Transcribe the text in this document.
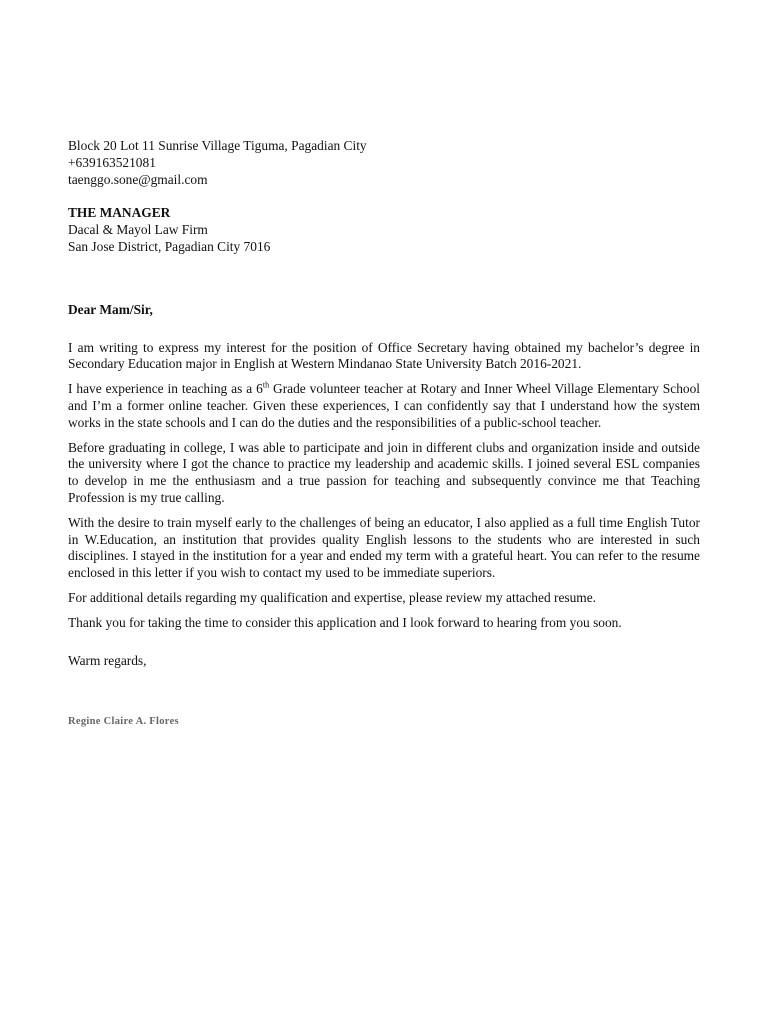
Block 20 Lot 11 Sunrise Village Tiguma, Pagadian City
+639163521081
taenggo.sone@gmail.com
THE MANAGER
Dacal & Mayol Law Firm
San Jose District, Pagadian City 7016
Dear Mam/Sir,

I am writing to express my interest for the position of Office Secretary having obtained my bachelor’s degree in Secondary Education major in English at Western Mindanao State University Batch 2016-2021.

I have experience in teaching as a 6th Grade volunteer teacher at Rotary and Inner Wheel Village Elementary School and I’m a former online teacher. Given these experiences, I can confidently say that I understand how the system works in the state schools and I can do the duties and the responsibilities of a public-school teacher.

Before graduating in college, I was able to participate and join in different clubs and organization inside and outside the university where I got the chance to practice my leadership and academic skills. I joined several ESL companies to develop in me the enthusiasm and a true passion for teaching and subsequently convince me that Teaching Profession is my true calling.

With the desire to train myself early to the challenges of being an educator, I also applied as a full time English Tutor in W.Education, an institution that provides quality English lessons to the students who are interested in such disciplines. I stayed in the institution for a year and ended my term with a grateful heart. You can refer to the resume enclosed in this letter if you wish to contact my used to be immediate superiors.

For additional details regarding my qualification and expertise, please review my attached resume.

Thank you for taking the time to consider this application and I look forward to hearing from you soon.

Warm regards,
Regine Claire A. Flores
